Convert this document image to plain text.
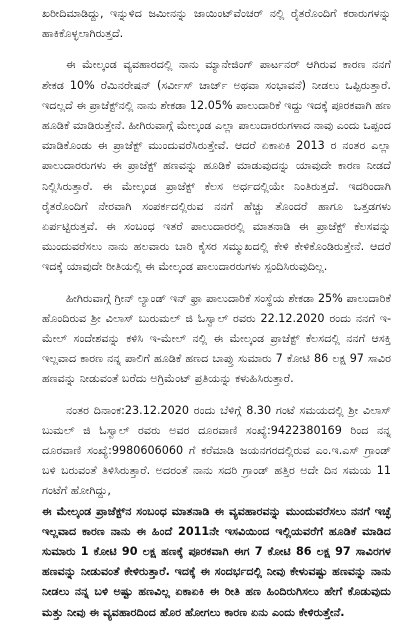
ಖರೀದಿಮಾಡಿದ್ದು, ಇನ್ನುಳಿದ ಜಮೀನನ್ನು ಜಾಯಿಂಟ್‌ವೆಂಚರ್ ನಲ್ಲಿ ರೈತರೊಂದಿಗೆ ಕರಾರುಗಳನ್ನು ಹಾಕಿಕೊಳ್ಳಲಾಗಿರುತ್ತದೆ.

ಈ ಮೇಲ್ಕಂಡ ವ್ಯವಹಾರದಲ್ಲಿ ನಾನು ಮ್ಯಾನೇಜಿಂಗ್ ಪಾರ್ಟನರ್ ಆಗಿರುವ ಕಾರಣ ನನಗೆ ಶೇಕಡ 10% ರೆಮಿನರೇಷನ್ (ಸರ್ವೀಸ್ ಚಾರ್ಜ್ ಅಥವಾ ಸಂಭಾವನೆ) ನೀಡಲು ಒಪ್ಪಿರುತ್ತಾರೆ. ಇದಲ್ಲದೆ ಈ ಪ್ರಾಜೆಕ್ಟ್‌ನಲ್ಲಿ ನಾನು ಶೇಕಡಾ 12.05% ಪಾಲುದಾರಿಕೆ ಇದ್ದು ಇದಕ್ಕೆ ಪೂರಕವಾಗಿ ಹಣ ಹೂಡಿಕೆ ಮಾಡಿರುತ್ತೇನೆ. ಹೀಗಿರುವಾಗ್ಗೆ ಮೇಲ್ಕಂಡ ಎಲ್ಲಾ ಪಾಲುದಾರರುಗಳಾದ ನಾವು ಎಂದು ಒಪ್ಪಂದ ಮಾಡಿಕೊಂಡು ಈ ಪ್ರಾಜೆಕ್ಟ್ ಮುಂದುವರೆಸಿರುತ್ತೇವೆ. ಆದರೆ ಏಕಾಏಕಿ 2013 ರ ನಂತರ ಎಲ್ಲಾ ಪಾಲುದಾರರುಗಳು ಈ ಪ್ರಾಜೆಕ್ಟ್ ಹಣವನ್ನು ಹೂಡಿಕೆ ಮಾಡುವುದನ್ನು ಯಾವುದೇ ಕಾರಣ ನೀಡದೆ ನಿಲ್ಲಿಸಿರುತ್ತಾರೆ. ಈ ಮೇಲ್ಕಂಡ ಪ್ರಾಜೆಕ್ಟ್ ಕೆಲಸ ಅರ್ಧದಲ್ಲಿಯೇ ನಿಂತಿರುತ್ತದೆ. ಇದರಿಂದಾಗಿ ರೈತರೊಂದಿಗೆ ನೇರವಾಗಿ ಸಂಪರ್ಕದಲ್ಲಿರುವ ನನಗೆ ಹೆಚ್ಚು ತೊಂದರೆ ಹಾಗೂ ಒತ್ತಡಗಳು ಏರ್ಪಟ್ಟಿರುತ್ತವೆ. ಈ ಸಂಬಂಧ ಇತರೆ ಪಾಲುದಾರರಲ್ಲಿ ಮಾತನಾಡಿ ಈ ಪ್ರಾಜೆಕ್ಟ್ ಕೆಲಸವನ್ನು ಮುಂದುವರೆಸಲು ನಾನು ಹಲವಾರು ಬಾರಿ ಕೈಸರ ಸಮ್ಮುಖದಲ್ಲಿ ಕೇಳಿ ಕೇಳಿಕೊಂಡಿರುತ್ತೇನೆ. ಆದರೆ ಇದಕ್ಕೆ ಯಾವುದೇ ರೀತಿಯಲ್ಲಿ ಈ ಮೇಲ್ಕಂಡ ಪಾಲುದಾರರುಗಳು ಸ್ಪಂದಿಸಿರುವುದಿಲ್ಲ.

ಹೀಗಿರುವಾಗ್ಗೆ ಗ್ರೀನ್ ಲ್ಯಾಂಡ್ ಇನ್ ಫ್ರಾ ಪಾಲುದಾರಿಕೆ ಸಂಸ್ಥೆಯ ಶೇಕಡಾ 25% ಪಾಲುದಾರಿಕೆ ಹೊಂದಿರುವ ಶ್ರೀ ವಿಲಾಸ್ ಬುರುಮಲ್ ಜಿ ಓಸ್ವಾಲ್ ರವರು 22.12.2020 ರಂದು ನನಗೆ ಇ-ಮೇಲ್ ಸಂದೇಶವನ್ನು ಕಳಿಸಿ ಇ-ಮೇಲ್ ನಲ್ಲಿ ಈ ಮೇಲ್ಕಂಡ ಪ್ರಾಜೆಕ್ಟ್ ಕೆಲಸದಲ್ಲಿ ನನಗೆ ಆಸಕ್ತಿ ಇಲ್ಲವಾದ ಕಾರಣ ನನ್ನ ಪಾಲಿಗೆ ಹೂಡಿಕೆ ಹಣದ ಬಾಪ್ತು ಸುಮಾರು 7 ಕೋಟಿ 86 ಲಕ್ಷ 97 ಸಾವಿರ ಹಣವನ್ನು ನೀಡುವಂತೆ ಬರೆದು ಅಗ್ರಿಮೆಂಟ್ ಪ್ರತಿಯನ್ನು ಕಳುಹಿಸಿರುತ್ತಾರೆ.

ನಂತರ ದಿನಾಂಕ:23.12.2020 ರಂದು ಬೆಳಿಗ್ಗೆ 8.30 ಗಂಟೆ ಸಮಯದಲ್ಲಿ ಶ್ರೀ ವಿಲಾಸ್ ಬುಮಲ್ ಜಿ ಓಸ್ವಾಲ್ ರವರು ಅವರ ದೂರವಾಣಿ ಸಂಖ್ಯೆ:9422380169 ರಿಂದ ನನ್ನ ದೂರವಾಣಿ ಸಂಖ್ಯೆ:9980606060 ಗೆ ಕರೆಮಾಡಿ ಜಯನಗರದಲ್ಲಿರುವ ಎಂ.ಇ.ಎಸ್ ಗ್ರಾಂಡ್ ಬಳಿ ಬರುವಂತೆ ತಿಳಿಸಿರುತ್ತಾರೆ. ಅದರಂತೆ ನಾನು ಸದರಿ ಗ್ರಾಂಡ್ ಹತ್ತಿರ ಅದೇ ದಿನ ಸಮಯ 11 ಗಂಟೆಗೆ ಹೋಗಿದ್ದು,

ಈ ಮೇಲ್ಕಂಡ ಪ್ರಾಜೆಕ್ಟ್‌ನ ಸಂಬಂಧ ಮಾತನಾಡಿ ಈ ವ್ಯವಹಾರವನ್ನು ಮುಂದುವರೆಸಲು ನನಗೆ ಇಚ್ಛೆ ಇಲ್ಲವಾದ ಕಾರಣ ನಾನು ಈ ಹಿಂದೆ 2011ನೇ ಇಸವಿಯಿಂದ ಇಲ್ಲಿಯವರೆಗೆ ಹೂಡಿಕೆ ಮಾಡಿದ ಸುಮಾರು 1 ಕೋಟಿ 90 ಲಕ್ಷ ಹಣಕ್ಕೆ ಪೂರಕವಾಗಿ ಈಗ 7 ಕೋಟಿ 86 ಲಕ್ಷ 97 ಸಾವಿರಗಳ ಹಣವನ್ನು ನೀಡುವಂತೆ ಕೇಳಿರುತ್ತಾರೆ. ಇದಕ್ಕೆ ಈ ಸಂದರ್ಭದಲ್ಲಿ ನೀವು ಕೇಳುವಷ್ಟು ಹಣವನ್ನು ನಾನು ನೀಡಲು ನನ್ನ ಬಳಿ ಅಷ್ಟು ಹಣವಿಲ್ಲ ಏಕಾಏಕಿ ಈ ರೀತಿ ಹಣ ಹಿಂದಿರುಗಿಸಲು ಹೇಗೆ ಕೊಡುವುದು ಮತ್ತು ನೀವು ಈ ವ್ಯವಹಾರದಿಂದ ಹೊರ ಹೋಗಲು ಕಾರಣ ಏನು ಎಂದು ಕೇಳಿರುತ್ತೇನೆ.
